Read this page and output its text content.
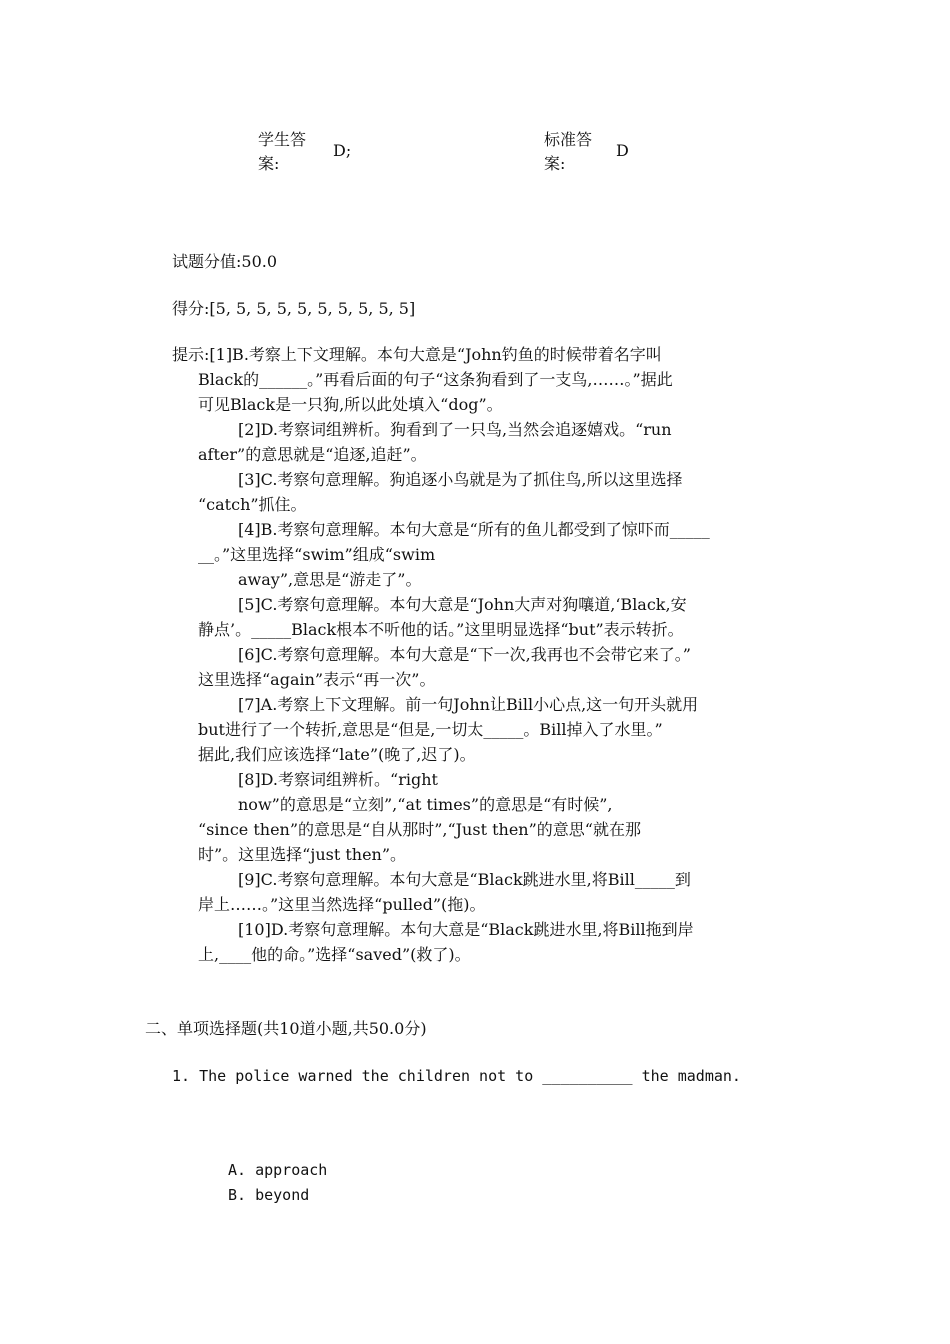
学生答
案:
D;
标准答
案:
D
试题分值:50.0
得分:[5, 5, 5, 5, 5, 5, 5, 5, 5, 5]
提示:[1]B.考察上下文理解。本句大意是“John钓鱼的时候带着名字叫
Black的______。”再看后面的句子“这条狗看到了一支鸟,……。”据此
可见Black是一只狗,所以此处填入“dog”。
[2]D.考察词组辨析。狗看到了一只鸟,当然会追逐嬉戏。“run
after”的意思就是“追逐,追赶”。
[3]C.考察句意理解。狗追逐小鸟就是为了抓住鸟,所以这里选择
“catch”抓住。
[4]B.考察句意理解。本句大意是“所有的鱼儿都受到了惊吓而_____
__。”这里选择“swim”组成“swim
away”,意思是“游走了”。
[5]C.考察句意理解。本句大意是“John大声对狗嚷道,‘Black,安
静点’。_____Black根本不听他的话。”这里明显选择“but”表示转折。
[6]C.考察句意理解。本句大意是“下一次,我再也不会带它来了。”
这里选择“again”表示“再一次”。
[7]A.考察上下文理解。前一句John让Bill小心点,这一句开头就用
but进行了一个转折,意思是“但是,一切太_____。Bill掉入了水里。”
据此,我们应该选择“late”(晚了,迟了)。
[8]D.考察词组辨析。“right
now”的意思是“立刻”,“at times”的意思是“有时候”,
“since then”的意思是“自从那时”,“Just then”的意思“就在那
时”。这里选择“just then”。
[9]C.考察句意理解。本句大意是“Black跳进水里,将Bill_____到
岸上……。”这里当然选择“pulled”(拖)。
[10]D.考察句意理解。本句大意是“Black跳进水里,将Bill拖到岸
上,____他的命。”选择“saved”(救了)。
二、单项选择题(共10道小题,共50.0分)
1. The police warned the children not to __________ the madman.
A. approach
B. beyond
